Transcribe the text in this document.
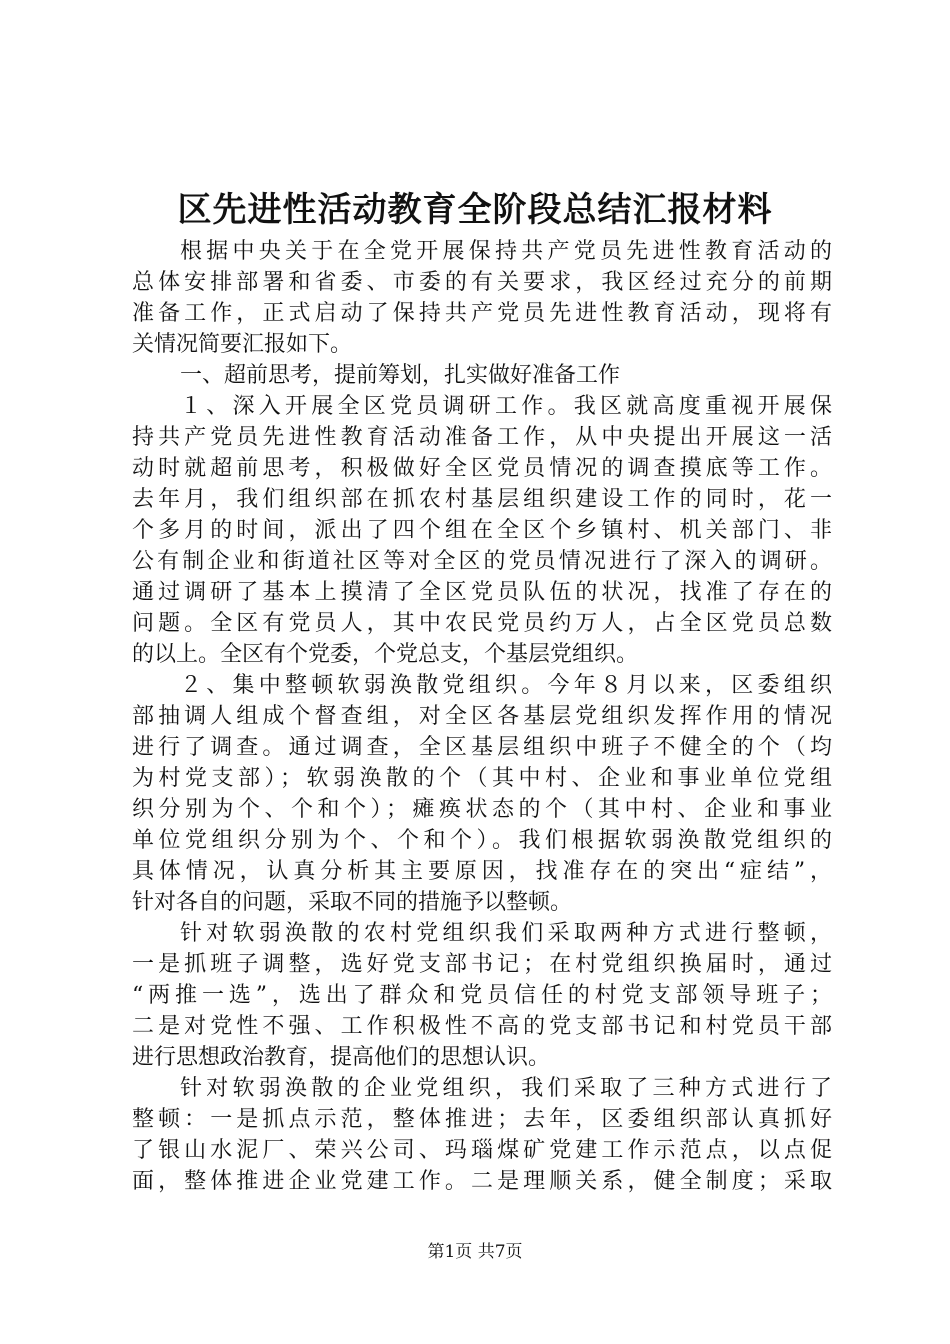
区先进性活动教育全阶段总结汇报材料
根据中央关于在全党开展保持共产党员先进性教育活动的
总体安排部署和省委、市委的有关要求，我区经过充分的前期
准备工作，正式启动了保持共产党员先进性教育活动，现将有
关情况简要汇报如下。
一、超前思考，提前筹划，扎实做好准备工作
１、深入开展全区党员调研工作。我区就高度重视开展保
持共产党员先进性教育活动准备工作，从中央提出开展这一活
动时就超前思考，积极做好全区党员情况的调查摸底等工作。
去年月，我们组织部在抓农村基层组织建设工作的同时，花一
个多月的时间，派出了四个组在全区个乡镇村、机关部门、非
公有制企业和街道社区等对全区的党员情况进行了深入的调研。
通过调研了基本上摸清了全区党员队伍的状况，找准了存在的
问题。全区有党员人，其中农民党员约万人，占全区党员总数
的以上。全区有个党委，个党总支，个基层党组织。
２、集中整顿软弱涣散党组织。今年８月以来，区委组织
部抽调人组成个督查组，对全区各基层党组织发挥作用的情况
进行了调查。通过调查，全区基层组织中班子不健全的个（均
为村党支部）；软弱涣散的个（其中村、企业和事业单位党组
织分别为个、个和个）；瘫痪状态的个（其中村、企业和事业
单位党组织分别为个、个和个）。我们根据软弱涣散党组织的
具体情况，认真分析其主要原因，找准存在的突出“症结”，
针对各自的问题，采取不同的措施予以整顿。
针对软弱涣散的农村党组织我们采取两种方式进行整顿，
一是抓班子调整，选好党支部书记；在村党组织换届时，通过
“两推一选”，选出了群众和党员信任的村党支部领导班子；
二是对党性不强、工作积极性不高的党支部书记和村党员干部
进行思想政治教育，提高他们的思想认识。
针对软弱涣散的企业党组织，我们采取了三种方式进行了
整顿：一是抓点示范，整体推进；去年，区委组织部认真抓好
了银山水泥厂、荣兴公司、玛瑙煤矿党建工作示范点，以点促
面，整体推进企业党建工作。二是理顺关系，健全制度；采取
第1页 共7页
